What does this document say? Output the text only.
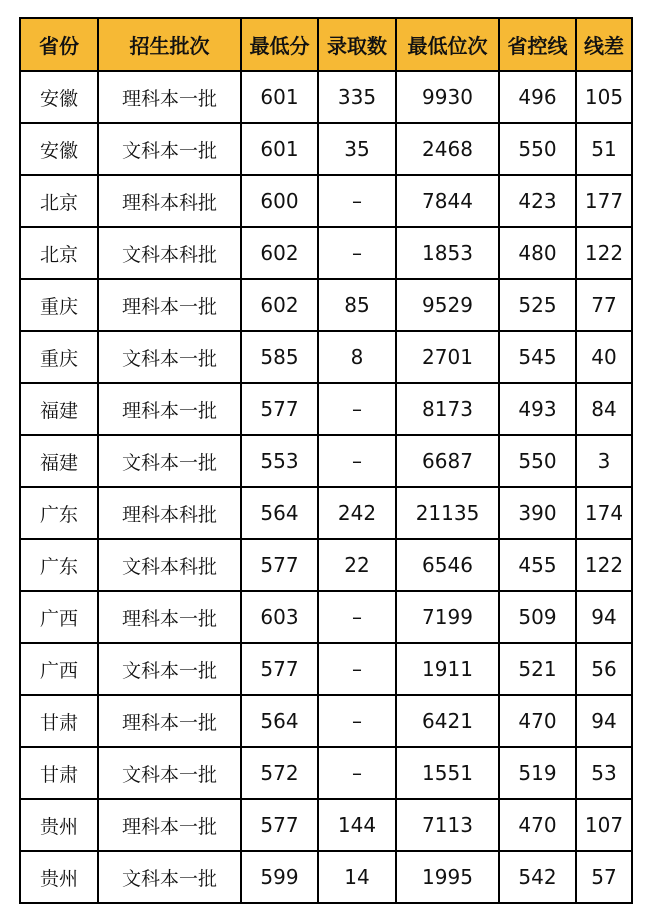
省份	招生批次	最低分	录取数	最低位次	省控线	线差
安徽	理科本一批	601	335	9930	496	105
安徽	文科本一批	601	35	2468	550	51
北京	理科本科批	600	–	7844	423	177
北京	文科本科批	602	–	1853	480	122
重庆	理科本一批	602	85	9529	525	77
重庆	文科本一批	585	8	2701	545	40
福建	理科本一批	577	–	8173	493	84
福建	文科本一批	553	–	6687	550	3
广东	理科本科批	564	242	21135	390	174
广东	文科本科批	577	22	6546	455	122
广西	理科本一批	603	–	7199	509	94
广西	文科本一批	577	–	1911	521	56
甘肃	理科本一批	564	–	6421	470	94
甘肃	文科本一批	572	–	1551	519	53
贵州	理科本一批	577	144	7113	470	107
贵州	文科本一批	599	14	1995	542	57
